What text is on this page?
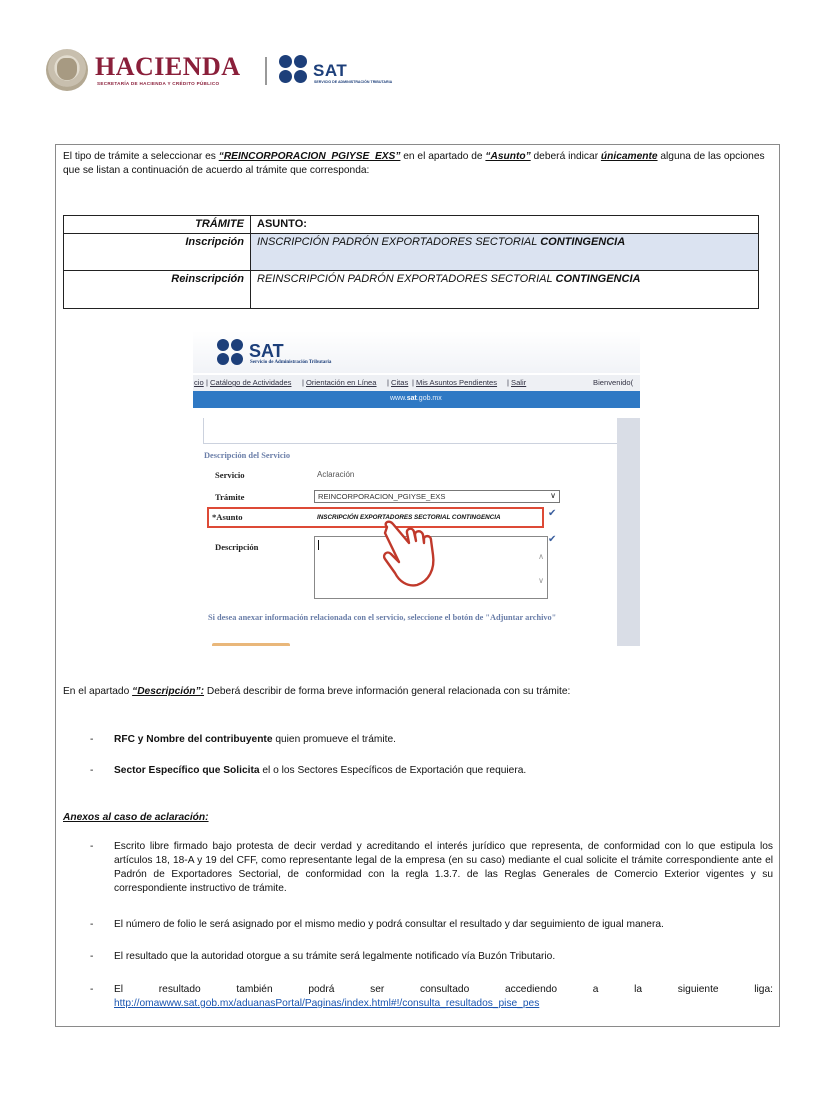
HACIENDA
SECRETARÍA DE HACIENDA Y CRÉDITO PÚBLICO
SAT
SERVICIO DE ADMINISTRACIÓN TRIBUTARIA
El tipo de trámite a seleccionar es “REINCORPORACION_PGIYSE_EXS” en el apartado de “Asunto” deberá indicar únicamente alguna de las opciones que se listan a continuación de acuerdo al trámite que corresponda:
TRÁMITE	ASUNTO:
Inscripción	INSCRIPCIÓN PADRÓN EXPORTADORES SECTORIAL CONTINGENCIA
Reinscripción	REINSCRIPCIÓN PADRÓN EXPORTADORES SECTORIAL CONTINGENCIA
SAT
Servicio de Administración Tributaria
cio | Catálogo de Actividades | Orientación en Línea | Citas | Mis Asuntos Pendientes | Salir	Bienvenido(
www.sat.gob.mx
Descripción del Servicio
Servicio	Aclaración
Trámite	REINCORPORACION_PGIYSE_EXS	∨
*Asunto	INSCRIPCIÓN EXPORTADORES SECTORIAL CONTINGENCIA	✔
Descripción
∧
∨
✔
Si desea anexar información relacionada con el servicio, seleccione el botón de "Adjuntar archivo"
En el apartado “Descripción”: Deberá describir de forma breve información general relacionada con su trámite:
- RFC y Nombre del contribuyente quien promueve el trámite.
- Sector Específico que Solicita el o los Sectores Específicos de Exportación que requiera.
Anexos al caso de aclaración:
- Escrito libre firmado bajo protesta de decir verdad y acreditando el interés jurídico que representa, de conformidad con lo que estipula los artículos 18, 18-A y 19 del CFF, como representante legal de la empresa (en su caso) mediante el cual solicite el trámite correspondiente ante el Padrón de Exportadores Sectorial, de conformidad con la regla 1.3.7. de las Reglas Generales de Comercio Exterior vigentes y su correspondiente instructivo de trámite.
- El número de folio le será asignado por el mismo medio y podrá consultar el resultado y dar seguimiento de igual manera.
- El resultado que la autoridad otorgue a su trámite será legalmente notificado vía Buzón Tributario.
- El	resultado	también	podrá	ser	consultado	accediendo	a	la	siguiente	liga:
http://omawww.sat.gob.mx/aduanasPortal/Paginas/index.html#!/consulta_resultados_pise_pes
